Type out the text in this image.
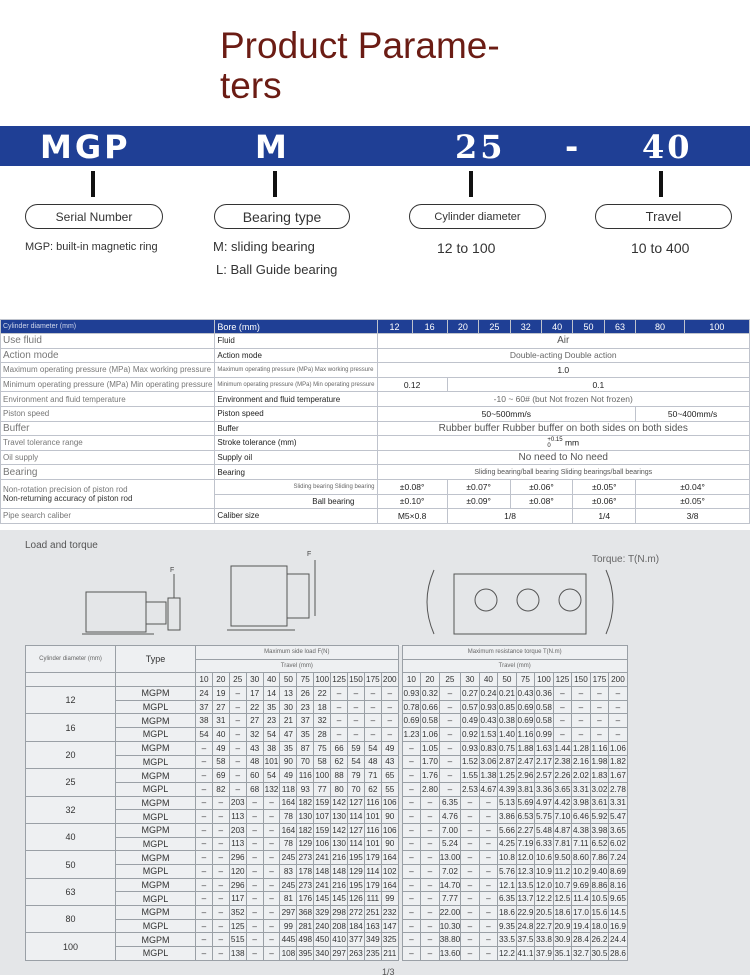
Product Parame-
ters
MGP	M	25 - 40
Serial Number	Bearing type	Cylinder diameter	Travel
MGP: built-in magnetic ring	M: sliding bearing
L: Ball Guide bearing
12 to 100	10 to 400
Cylinder diameter (mm)	Bore (mm)	12	16	20	25	32	40	50	63	80	100
Use fluid	Fluid	Air									
Action mode	Action mode	Double-acting Double action									
Maximum operating pressure (MPa) Max working pressure	Maximum operating pressure (MPa) Max working pressure	1.0									
Minimum operating pressure (MPa) Min operating pressure	Minimum operating pressure (MPa) Min operating pressure	0.12		0.1							
Environment and fluid temperature	Environment and fluid temperature	-10 ~ 60# (but Not frozen Not frozen)									
Piston speed	Piston speed	50~500mm/s								50~400mm/s	
Buffer	Buffer	Rubber buffer Rubber buffer on both sides on both sides									
Travel tolerance range	Stroke tolerance (mm)	+0.15
0 mm									
Oil supply	Supply oil	No need to No need									
Bearing	Bearing	Sliding bearing/ball bearing Sliding bearings/ball bearings									
Non-rotation precision of piston rod
Non-returning accuracy of piston rod	Sliding bearing Sliding bearing	±0.08°		±0.07°		±0.06°		±0.05°		±0.04°	
	Ball bearing	±0.10°		±0.09°		±0.08°		±0.06°		±0.05°	
Pipe search caliber	Caliber size	M5×0.8		1/8				1/4		3/8	
Load and torque
Torque: T(N.m)
F
F
Cylinder diameter (mm)	Type	Maximum side load F(N)													Maximum resistance torque T(N.m)											
		Travel (mm)													Travel (mm)											
		10	20	25	30	40	50	75	100	125	150	175	200		10	20	25	30	40	50	75	100	125	150	175	200
12	MGPM	24	19	–	17	14	13	26	22	–	–	–	–		0.93	0.32	–	0.27	0.24	0.21	0.43	0.36	–	–	–	–
	MGPL	37	27	–	22	35	30	23	18	–	–	–	–		0.78	0.66	–	0.57	0.93	0.85	0.69	0.58	–	–	–	–
16	MGPM	38	31	–	27	23	21	37	32	–	–	–	–		0.69	0.58	–	0.49	0.43	0.38	0.69	0.58	–	–	–	–
	MGPL	54	40	–	32	54	47	35	28	–	–	–	–		1.23	1.06	–	0.92	1.53	1.40	1.16	0.99	–	–	–	–
20	MGPM	–	49	–	43	38	35	87	75	66	59	54	49		–	1.05	–	0.93	0.83	0.75	1.88	1.63	1.44	1.28	1.16	1.06
	MGPL	–	58	–	48	101	90	70	58	62	54	48	43		–	1.70	–	1.52	3.06	2.87	2.47	2.17	2.38	2.16	1.98	1.82
25	MGPM	–	69	–	60	54	49	116	100	88	79	71	65		–	1.76	–	1.55	1.38	1.25	2.96	2.57	2.26	2.02	1.83	1.67
	MGPL	–	82	–	68	132	118	93	77	80	70	62	55		–	2.80	–	2.53	4.67	4.39	3.81	3.36	3.65	3.31	3.02	2.78
32	MGPM	–	–	203	–	–	164	182	159	142	127	116	106		–	–	6.35	–	–	5.13	5.69	4.97	4.42	3.98	3.61	3.31
	MGPL	–	–	113	–	–	78	130	107	130	114	101	90		–	–	4.76	–	–	3.86	6.53	5.75	7.10	6.46	5.92	5.47
40	MGPM	–	–	203	–	–	164	182	159	142	127	116	106		–	–	7.00	–	–	5.66	2.27	5.48	4.87	4.38	3.98	3.65
	MGPL	–	–	113	–	–	78	129	106	130	114	101	90		–	–	5.24	–	–	4.25	7.19	6.33	7.81	7.11	6.52	6.02
50	MGPM	–	–	296	–	–	245	273	241	216	195	179	164		–	–	13.00	–	–	10.8	12.0	10.6	9.50	8.60	7.86	7.24
	MGPL	–	–	120	–	–	83	178	148	148	129	114	102		–	–	7.02	–	–	5.76	12.3	10.9	11.2	10.2	9.40	8.69
63	MGPM	–	–	296	–	–	245	273	241	216	195	179	164		–	–	14.70	–	–	12.1	13.5	12.0	10.7	9.69	8.86	8.16
	MGPL	–	–	117	–	–	81	176	145	145	126	111	99		–	–	7.77	–	–	6.35	13.7	12.2	12.5	11.4	10.5	9.65
80	MGPM	–	–	352	–	–	297	368	329	298	272	251	232		–	–	22.00	–	–	18.6	22.9	20.5	18.6	17.0	15.6	14.5
	MGPL	–	–	125	–	–	99	281	240	208	184	163	147		–	–	10.30	–	–	9.35	24.8	22.7	20.9	19.4	18.0	16.9
100	MGPM	–	–	515	–	–	445	498	450	410	377	349	325		–	–	38.80	–	–	33.5	37.5	33.8	30.9	28.4	26.2	24.4
	MGPL	–	–	138	–	–	108	395	340	297	263	235	211		–	–	13.60	–	–	12.2	41.1	37.9	35.1	32.7	30.5	28.6
1/3
